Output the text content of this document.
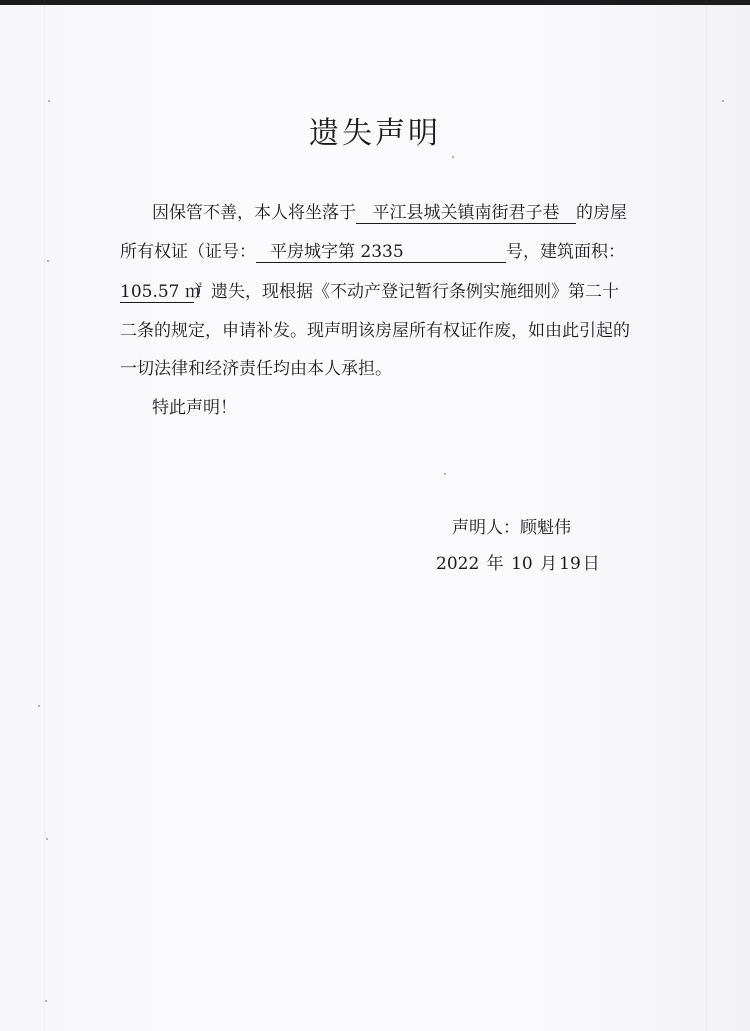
遗失声明
因保管不善，本人将坐落于 平江县城关镇南街君子巷 的房屋
所有权证（证号： 平房城字第 2335	号，建筑面积：
105.57 ㎡）遗失，现根据《不动产登记暂行条例实施细则》第二十
二条的规定，申请补发。现声明该房屋所有权证作废，如由此引起的
一切法律和经济责任均由本人承担。
特此声明！
声明人：顾魁伟
2022 年 10 月 19 日
